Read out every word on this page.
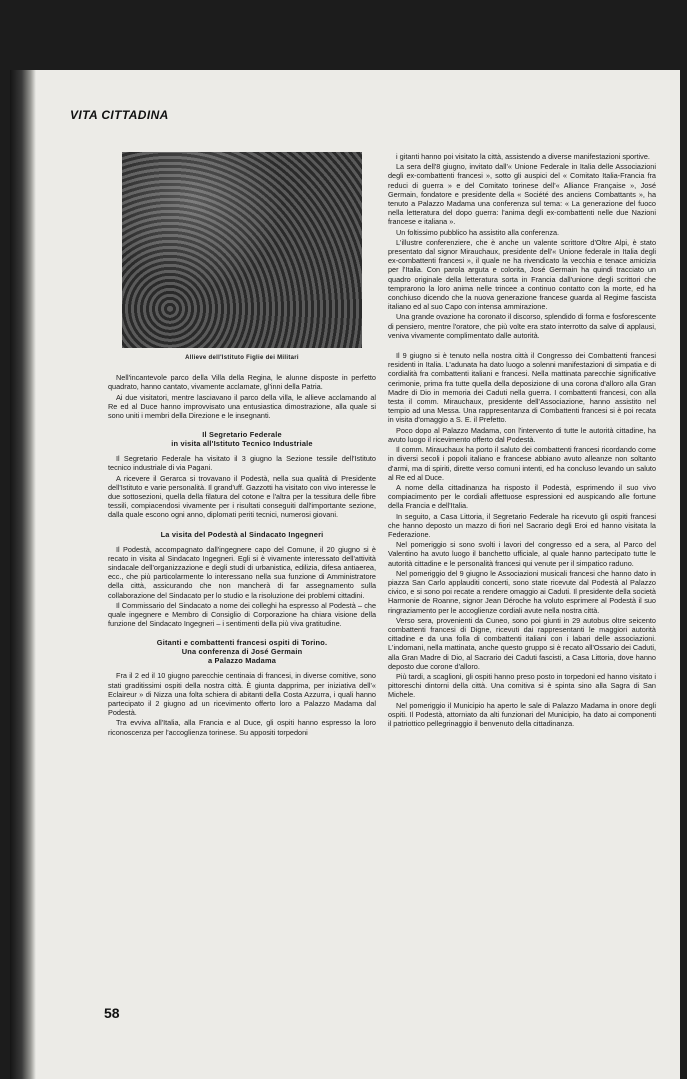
VITA CITTADINA
Allieve dell'Istituto Figlie dei Militari

Nell'incantevole parco della Villa della Regina, le alunne disposte in perfetto quadrato, hanno cantato, vivamente acclamate, gl'inni della Patria.

Ai due visitatori, mentre lasciavano il parco della villa, le allieve acclamando al Re ed al Duce hanno improvvisato una entusiastica dimostrazione, alla quale si sono uniti i membri della Direzione e le insegnanti.

Il Segretario Federale
in visita all'Istituto Tecnico Industriale

Il Segretario Federale ha visitato il 3 giugno la Sezione tessile dell'Istituto tecnico industriale di via Pagani.

A ricevere il Gerarca si trovavano il Podestà, nella sua qualità di Presidente dell'Istituto e varie personalità. Il grand'uff. Gazzotti ha visitato con vivo interesse le due sottosezioni, quella della filatura del cotone e l'altra per la tessitura delle fibre tessili, compiacendosi vivamente per i risultati conseguiti dall'importante sezione, dalla quale escono ogni anno, diplomati periti tecnici, numerosi giovani.

La visita del Podestà al Sindacato Ingegneri

Il Podestà, accompagnato dall'ingegnere capo del Comune, il 20 giugno si è recato in visita al Sindacato Ingegneri. Egli si è vivamente interessato dell'attività sindacale dell'organizzazione e degli studi di urbanistica, edilizia, difesa antiaerea, ecc., che più particolarmente lo interessano nella sua funzione di Amministratore della città, assicurando che non mancherà di far assegnamento sulla collaborazione del Sindacato per lo studio e la risoluzione dei problemi cittadini.

Il Commissario del Sindacato a nome dei colleghi ha espresso al Podestà – che quale ingegnere e Membro di Consiglio di Corporazione ha chiara visione della funzione del Sindacato Ingegneri – i sentimenti della più viva gratitudine.

Gitanti e combattenti francesi ospiti di Torino.
Una conferenza di José Germain
a Palazzo Madama

Fra il 2 ed il 10 giugno parecchie centinaia di francesi, in diverse comitive, sono stati graditissimi ospiti della nostra città. È giunta dapprima, per iniziativa dell'« Eclaireur » di Nizza una folta schiera di abitanti della Costa Azzurra, i quali hanno partecipato il 2 giugno ad un ricevimento offerto loro a Palazzo Madama dal Podestà.

Tra evviva all'Italia, alla Francia e al Duce, gli ospiti hanno espresso la loro riconoscenza per l'accoglienza torinese. Su appositi torpedoni

i gitanti hanno poi visitato la città, assistendo a diverse manifestazioni sportive.

La sera dell'8 giugno, invitato dall'« Unione Federale in Italia delle Associazioni degli ex-combattenti francesi », sotto gli auspici del « Comitato Italia-Francia fra reduci di guerra » e del Comitato torinese dell'« Alliance Française », José Germain, fondatore e presidente della « Société des anciens Combattants », ha tenuto a Palazzo Madama una conferenza sul tema: « La generazione del fuoco nella letteratura del dopo guerra: l'anima degli ex-combattenti nelle due Nazioni francese e italiana ».

Un foltissimo pubblico ha assistito alla conferenza.

L'illustre conferenziere, che è anche un valente scrittore d'Oltre Alpi, è stato presentato dal signor Mirauchaux, presidente dell'« Unione federale in Italia degli ex-combattenti francesi », il quale ne ha rivendicato la vecchia e tenace amicizia per l'Italia. Con parola arguta e colorita, José Germain ha quindi tracciato un quadro originale della letteratura sorta in Francia dall'unione degli scrittori che temprarono la loro anima nelle trincee a continuo contatto con la morte, ed ha conchiuso dicendo che la nuova generazione francese guarda al Regime fascista italiano ed al suo Capo con intensa ammirazione.

Una grande ovazione ha coronato il discorso, splendido di forma e fosforescente di pensiero, mentre l'oratore, che più volte era stato interrotto da salve di applausi, veniva vivamente complimentato dalle autorità.

Il 9 giugno si è tenuto nella nostra città il Congresso dei Combattenti francesi residenti in Italia. L'adunata ha dato luogo a solenni manifestazioni di simpatia e di cordialità fra combattenti italiani e francesi. Nella mattinata parecchie significative cerimonie, prima fra tutte quella della deposizione di una corona d'alloro alla Gran Madre di Dio in memoria dei Caduti nella guerra. I combattenti francesi, con alla testa il comm. Mirauchaux, presidente dell'Associazione, hanno assistito nel tempio ad una Messa. Una rappresentanza di Combattenti francesi si è poi recata in visita d'omaggio a S. E. il Prefetto.

Poco dopo al Palazzo Madama, con l'intervento di tutte le autorità cittadine, ha avuto luogo il ricevimento offerto dal Podestà.

Il comm. Mirauchaux ha porto il saluto dei combattenti francesi ricordando come in diversi secoli i popoli italiano e francese abbiano avuto alleanze non soltanto d'armi, ma di spiriti, dirette verso comuni intenti, ed ha concluso levando un saluto al Re ed al Duce.

A nome della cittadinanza ha risposto il Podestà, esprimendo il suo vivo compiacimento per le cordiali affettuose espressioni ed auspicando alle fortune della Francia e dell'Italia.

In seguito, a Casa Littoria, il Segretario Federale ha ricevuto gli ospiti francesi che hanno deposto un mazzo di fiori nel Sacrario degli Eroi ed hanno visitata la Federazione.

Nel pomeriggio si sono svolti i lavori del congresso ed a sera, al Parco del Valentino ha avuto luogo il banchetto ufficiale, al quale hanno partecipato tutte le autorità cittadine e le personalità francesi qui venute per il simpatico raduno.

Nel pomeriggio del 9 giugno le Associazioni musicali francesi che hanno dato in piazza San Carlo applauditi concerti, sono state ricevute dal Podestà al Palazzo civico, e si sono poi recate a rendere omaggio ai Caduti. Il presidente della società Harmonie de Roanne, signor Jean Déroche ha voluto esprimere al Podestà il suo ringraziamento per le accoglienze cordiali avute nella nostra città.

Verso sera, provenienti da Cuneo, sono poi giunti in 29 autobus oltre seicento combattenti francesi di Digne, ricevuti dai rappresentanti le maggiori autorità cittadine e da una folla di combattenti italiani con i labari delle associazioni. L'indomani, nella mattinata, anche questo gruppo si è recato all'Ossario dei Caduti, alla Gran Madre di Dio, al Sacrario dei Caduti fascisti, a Casa Littoria, dove hanno deposto due corone d'alloro.

Più tardi, a scaglioni, gli ospiti hanno preso posto in torpedoni ed hanno visitato i pittoreschi dintorni della città. Una comitiva si è spinta sino alla Sagra di San Michele.

Nel pomeriggio il Municipio ha aperto le sale di Palazzo Madama in onore degli ospiti. Il Podestà, attorniato da alti funzionari del Municipio, ha dato ai componenti il patriottico pellegrinaggio il benvenuto della cittadinanza.

58
